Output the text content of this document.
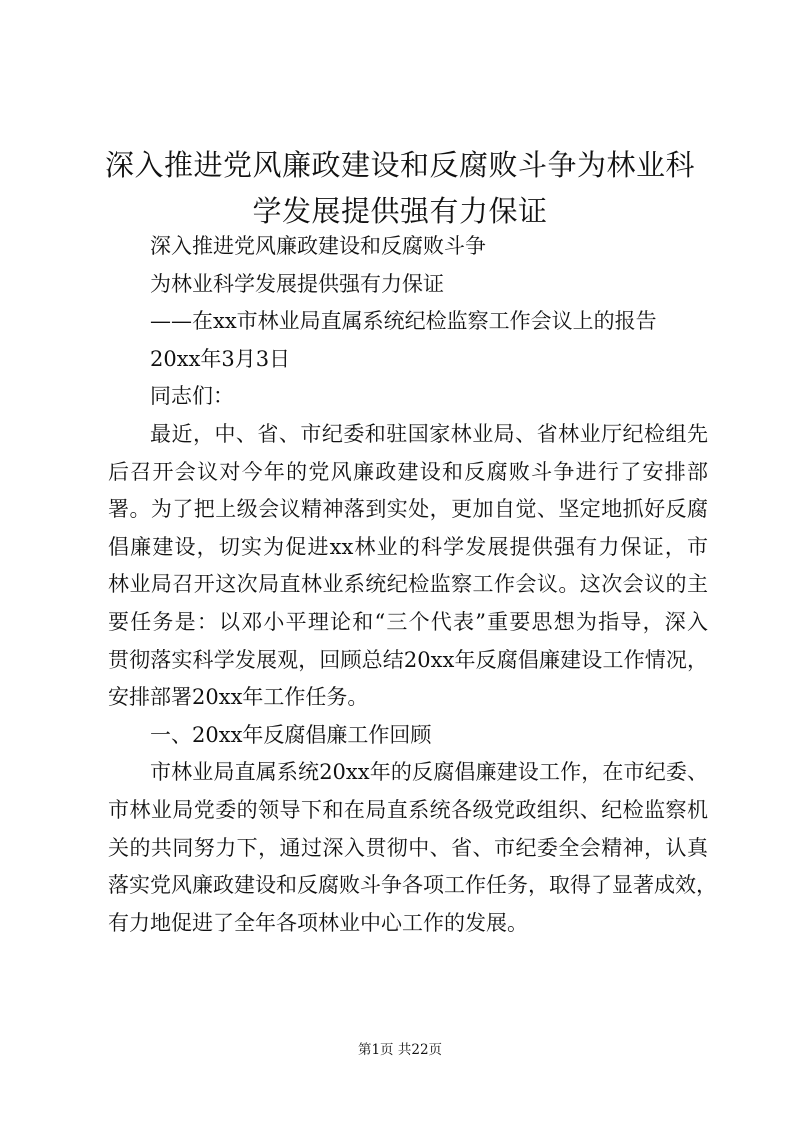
深入推进党风廉政建设和反腐败斗争为林业科
学发展提供强有力保证
深入推进党风廉政建设和反腐败斗争
为林业科学发展提供强有力保证
——在xx市林业局直属系统纪检监察工作会议上的报告
20xx年3月3日
同志们：
最近，中、省、市纪委和驻国家林业局、省林业厅纪检组先
后召开会议对今年的党风廉政建设和反腐败斗争进行了安排部
署。为了把上级会议精神落到实处，更加自觉、坚定地抓好反腐
倡廉建设，切实为促进xx林业的科学发展提供强有力保证，市
林业局召开这次局直林业系统纪检监察工作会议。这次会议的主
要任务是：以邓小平理论和“三个代表”重要思想为指导，深入
贯彻落实科学发展观，回顾总结20xx年反腐倡廉建设工作情况，
安排部署20xx年工作任务。
一、20xx年反腐倡廉工作回顾
市林业局直属系统20xx年的反腐倡廉建设工作，在市纪委、
市林业局党委的领导下和在局直系统各级党政组织、纪检监察机
关的共同努力下，通过深入贯彻中、省、市纪委全会精神，认真
落实党风廉政建设和反腐败斗争各项工作任务，取得了显著成效，
有力地促进了全年各项林业中心工作的发展。
第1页 共22页
